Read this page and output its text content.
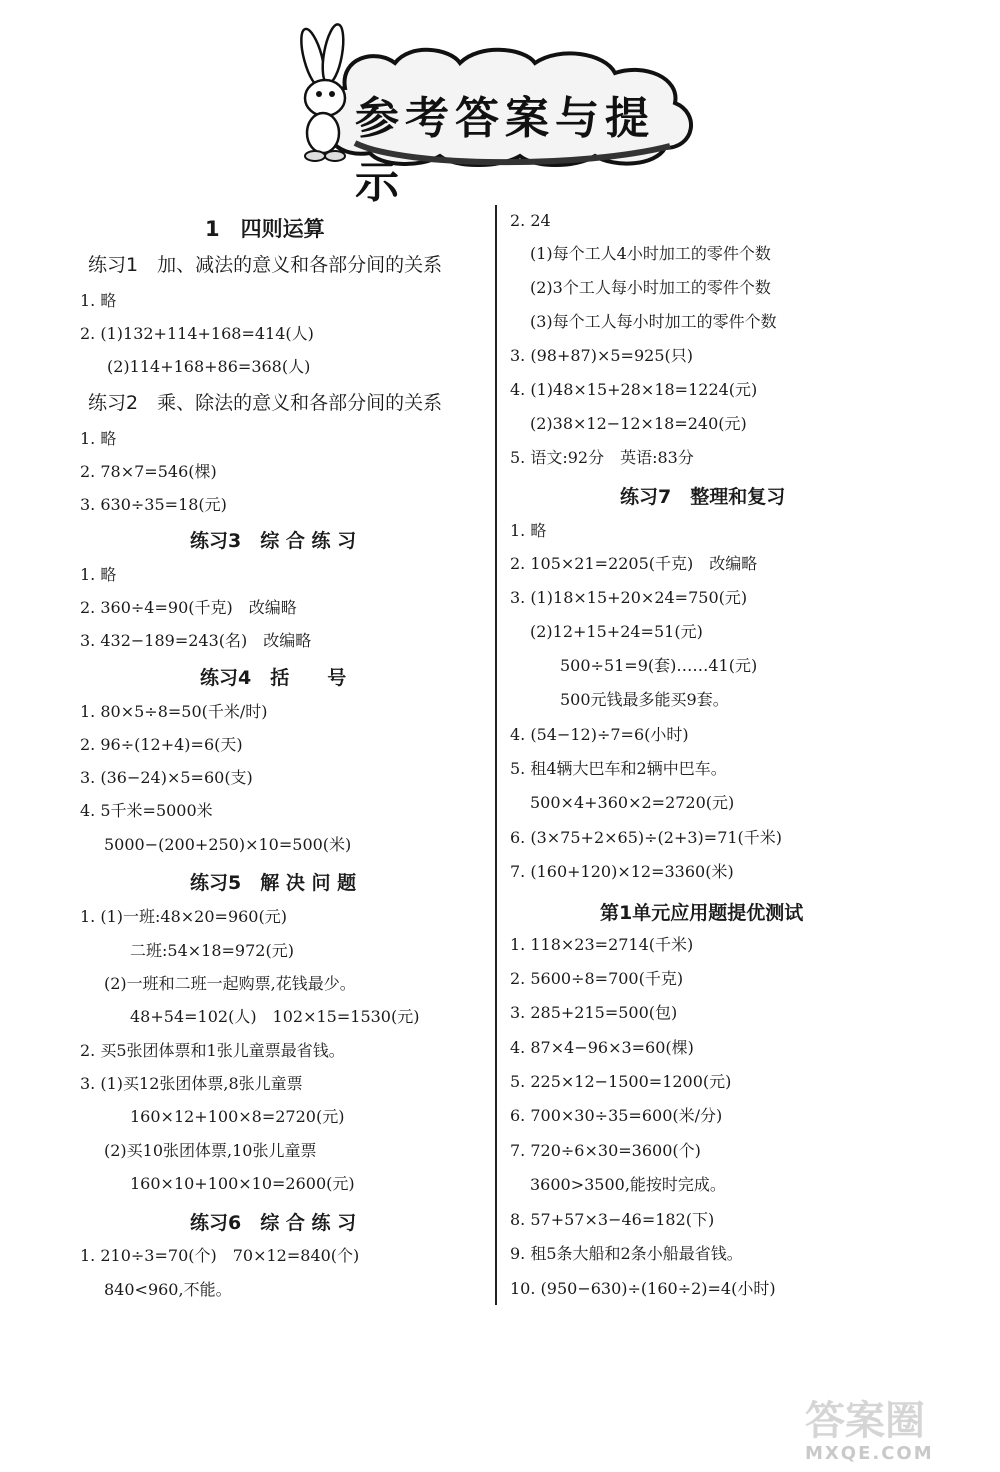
参考答案与提示
1　四则运算
练习1　加、减法的意义和各部分间的关系
1. 略
2. (1)132+114+168=414(人)
(2)114+168+86=368(人)
练习2　乘、除法的意义和各部分间的关系
1. 略
2. 78×7=546(棵)
3. 630÷35=18(元)
练习3　综 合 练 习
1. 略
2. 360÷4=90(千克)　改编略
3. 432−189=243(名)　改编略
练习4　括　　号
1. 80×5÷8=50(千米/时)
2. 96÷(12+4)=6(天)
3. (36−24)×5=60(支)
4. 5千米=5000米
5000−(200+250)×10=500(米)
练习5　解 决 问 题
1. (1)一班:48×20=960(元)
二班:54×18=972(元)
(2)一班和二班一起购票,花钱最少。
48+54=102(人)　102×15=1530(元)
2. 买5张团体票和1张儿童票最省钱。
3. (1)买12张团体票,8张儿童票
160×12+100×8=2720(元)
(2)买10张团体票,10张儿童票
160×10+100×10=2600(元)
练习6　综 合 练 习
1. 210÷3=70(个)　70×12=840(个)
840<960,不能。
2. 24
(1)每个工人4小时加工的零件个数
(2)3个工人每小时加工的零件个数
(3)每个工人每小时加工的零件个数
3. (98+87)×5=925(只)
4. (1)48×15+28×18=1224(元)
(2)38×12−12×18=240(元)
5. 语文:92分　英语:83分
练习7　整理和复习
1. 略
2. 105×21=2205(千克)　改编略
3. (1)18×15+20×24=750(元)
(2)12+15+24=51(元)
500÷51=9(套)……41(元)
500元钱最多能买9套。
4. (54−12)÷7=6(小时)
5. 租4辆大巴车和2辆中巴车。
500×4+360×2=2720(元)
6. (3×75+2×65)÷(2+3)=71(千米)
7. (160+120)×12=3360(米)
第1单元应用题提优测试
1. 118×23=2714(千米)
2. 5600÷8=700(千克)
3. 285+215=500(包)
4. 87×4−96×3=60(棵)
5. 225×12−1500=1200(元)
6. 700×30÷35=600(米/分)
7. 720÷6×30=3600(个)
3600>3500,能按时完成。
8. 57+57×3−46=182(下)
9. 租5条大船和2条小船最省钱。
10. (950−630)÷(160÷2)=4(小时)
答案圈
MXQE.COM
